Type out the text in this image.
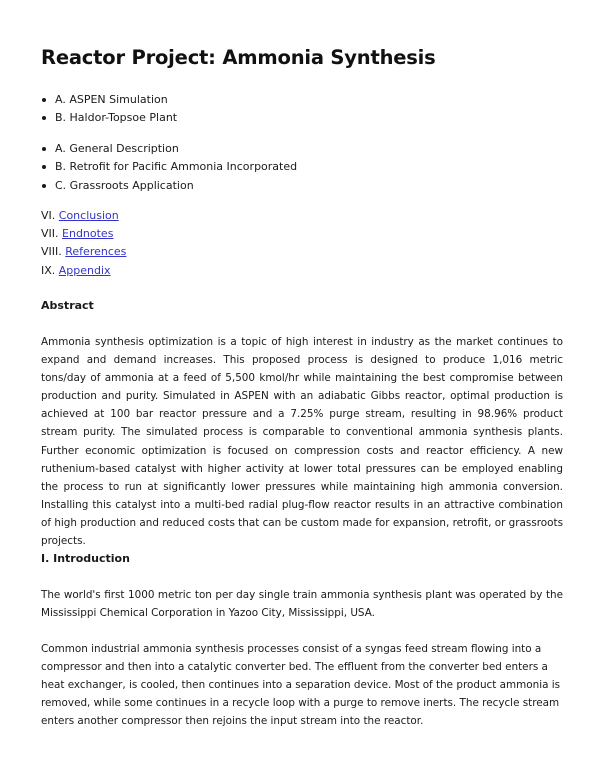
Reactor Project: Ammonia Synthesis
A. ASPEN Simulation
B. Haldor-Topsoe Plant
A. General Description
B. Retrofit for Pacific Ammonia Incorporated
C. Grassroots Application
VI. Conclusion
VII. Endnotes
VIII. References
IX. Appendix
Abstract

Ammonia synthesis optimization is a topic of high interest in industry as the market continues to expand and demand increases. This proposed process is designed to produce 1,016 metric tons/day of ammonia at a feed of 5,500 kmol/hr while maintaining the best compromise between production and purity. Simulated in ASPEN with an adiabatic Gibbs reactor, optimal production is achieved at 100 bar reactor pressure and a 7.25% purge stream, resulting in 98.96% product stream purity. The simulated process is comparable to conventional ammonia synthesis plants. Further economic optimization is focused on compression costs and reactor efficiency. A new ruthenium-based catalyst with higher activity at lower total pressures can be employed enabling the process to run at significantly lower pressures while maintaining high ammonia conversion. Installing this catalyst into a multi-bed radial plug-flow reactor results in an attractive combination of high production and reduced costs that can be custom made for expansion, retrofit, or grassroots projects.

I. Introduction

The world's first 1000 metric ton per day single train ammonia synthesis plant was operated by the Mississippi Chemical Corporation in Yazoo City, Mississippi, USA.

Common industrial ammonia synthesis processes consist of a syngas feed stream flowing into a compressor and then into a catalytic converter bed. The effluent from the converter bed enters a heat exchanger, is cooled, then continues into a separation device. Most of the product ammonia is removed, while some continues in a recycle loop with a purge to remove inerts. The recycle stream enters another compressor then rejoins the input stream into the reactor.
